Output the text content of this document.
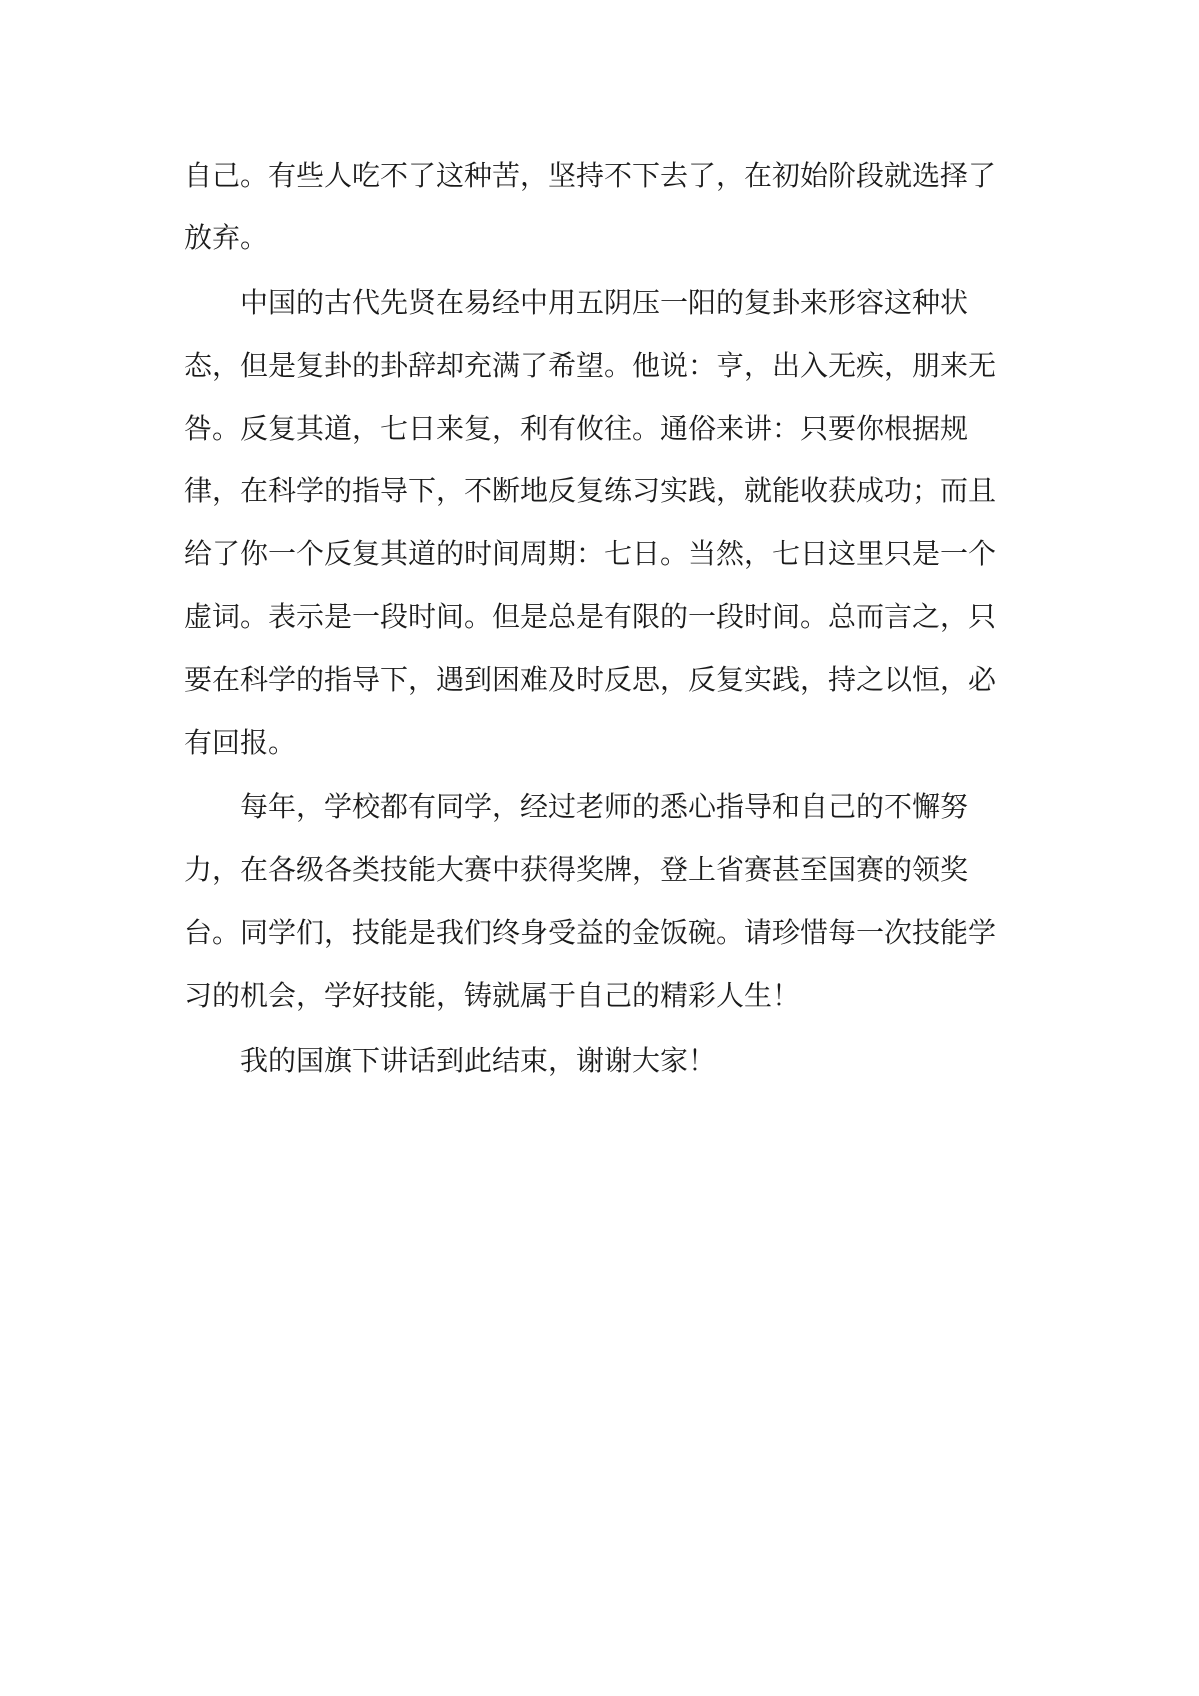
自己。有些人吃不了这种苦，坚持不下去了，在初始阶段就选择了

放弃。

中国的古代先贤在易经中用五阴压一阳的复卦来形容这种状

态，但是复卦的卦辞却充满了希望。他说：亨，出入无疾，朋来无

咎。反复其道，七日来复，利有攸往。通俗来讲：只要你根据规

律，在科学的指导下，不断地反复练习实践，就能收获成功；而且

给了你一个反复其道的时间周期：七日。当然，七日这里只是一个

虚词。表示是一段时间。但是总是有限的一段时间。总而言之，只

要在科学的指导下，遇到困难及时反思，反复实践，持之以恒，必

有回报。

每年，学校都有同学，经过老师的悉心指导和自己的不懈努

力，在各级各类技能大赛中获得奖牌，登上省赛甚至国赛的领奖

台。同学们，技能是我们终身受益的金饭碗。请珍惜每一次技能学

习的机会，学好技能，铸就属于自己的精彩人生！

我的国旗下讲话到此结束，谢谢大家！
